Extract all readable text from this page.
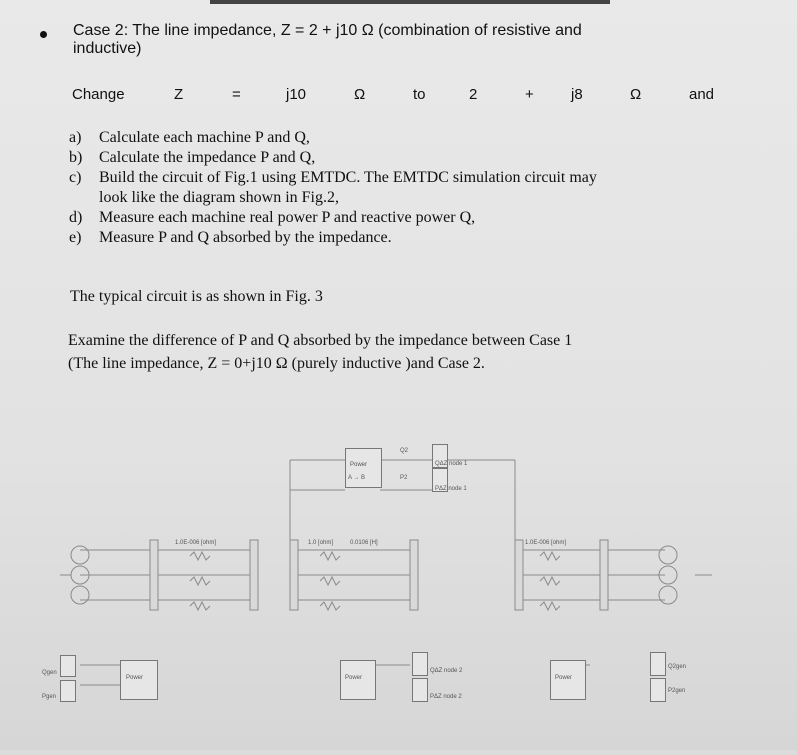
Case 2: The line impedance, Z = 2 + j10 Ω (combination of resistive and
inductive)
Change	Z	=	j10	Ω	to	2	+ j8	Ω	and
a)	Calculate each machine P and Q,
b)	Calculate the impedance P and Q,
c)	Build the circuit of Fig.1 using EMTDC. The EMTDC simulation circuit may
look like the diagram shown in Fig.2,
d)	Measure each machine real power P and reactive power Q,
e)	Measure P and Q absorbed by the impedance.
The typical circuit is as shown in Fig. 3
Examine the difference of P and Q absorbed by the impedance between Case 1
(The line impedance, Z = 0+j10 Ω (purely inductive )and Case 2.
Power
A → B
Q2
P2
QΔZ node 1
PΔZ node 1
1.0E-006 [ohm]	1.0 [ohm]	0.0106 [H]	1.0E-006 [ohm]
Qgen
Pgen
Power	Power
QΔZ node 2
PΔZ node 2
Power
Q2gen
P2gen
